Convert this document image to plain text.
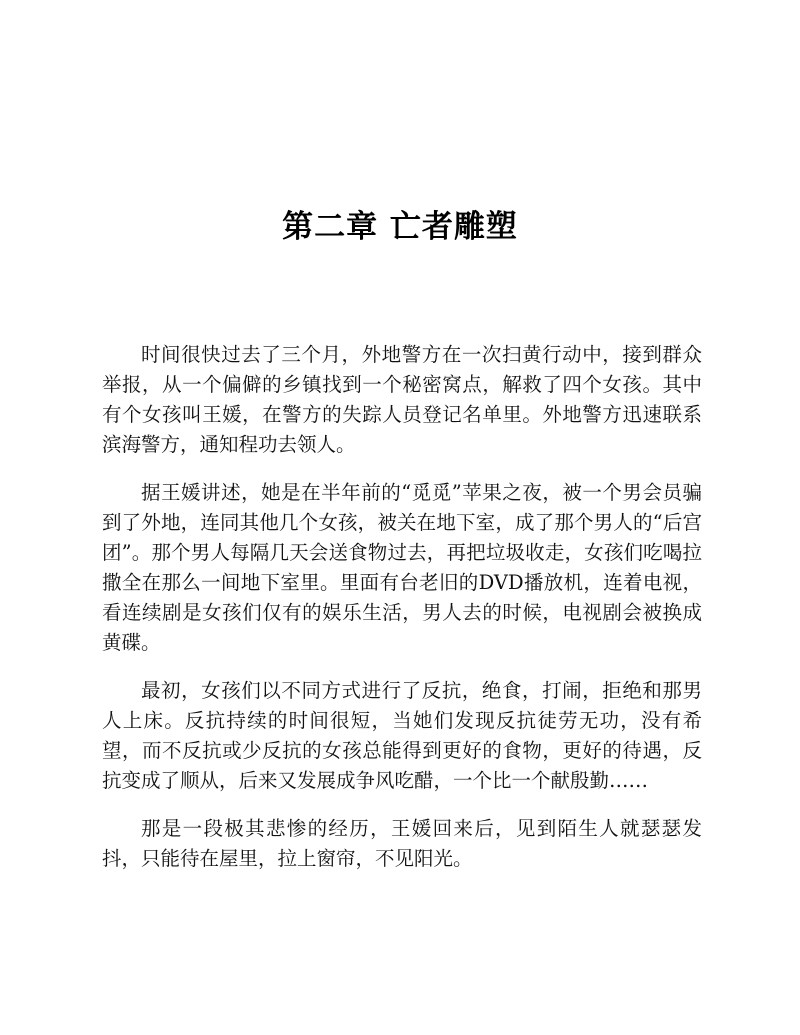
第二章 亡者雕塑

时间很快过去了三个月，外地警方在一次扫黄行动中，接到群众举报，从一个偏僻的乡镇找到一个秘密窝点，解救了四个女孩。其中有个女孩叫王媛，在警方的失踪人员登记名单里。外地警方迅速联系滨海警方，通知程功去领人。

据王媛讲述，她是在半年前的“觅觅”苹果之夜，被一个男会员骗到了外地，连同其他几个女孩，被关在地下室，成了那个男人的“后宫团”。那个男人每隔几天会送食物过去，再把垃圾收走，女孩们吃喝拉撒全在那么一间地下室里。里面有台老旧的DVD播放机，连着电视，看连续剧是女孩们仅有的娱乐生活，男人去的时候，电视剧会被换成黄碟。

最初，女孩们以不同方式进行了反抗，绝食，打闹，拒绝和那男人上床。反抗持续的时间很短，当她们发现反抗徒劳无功，没有希望，而不反抗或少反抗的女孩总能得到更好的食物，更好的待遇，反抗变成了顺从，后来又发展成争风吃醋，一个比一个献殷勤……

那是一段极其悲惨的经历，王媛回来后，见到陌生人就瑟瑟发抖，只能待在屋里，拉上窗帘，不见阳光。
